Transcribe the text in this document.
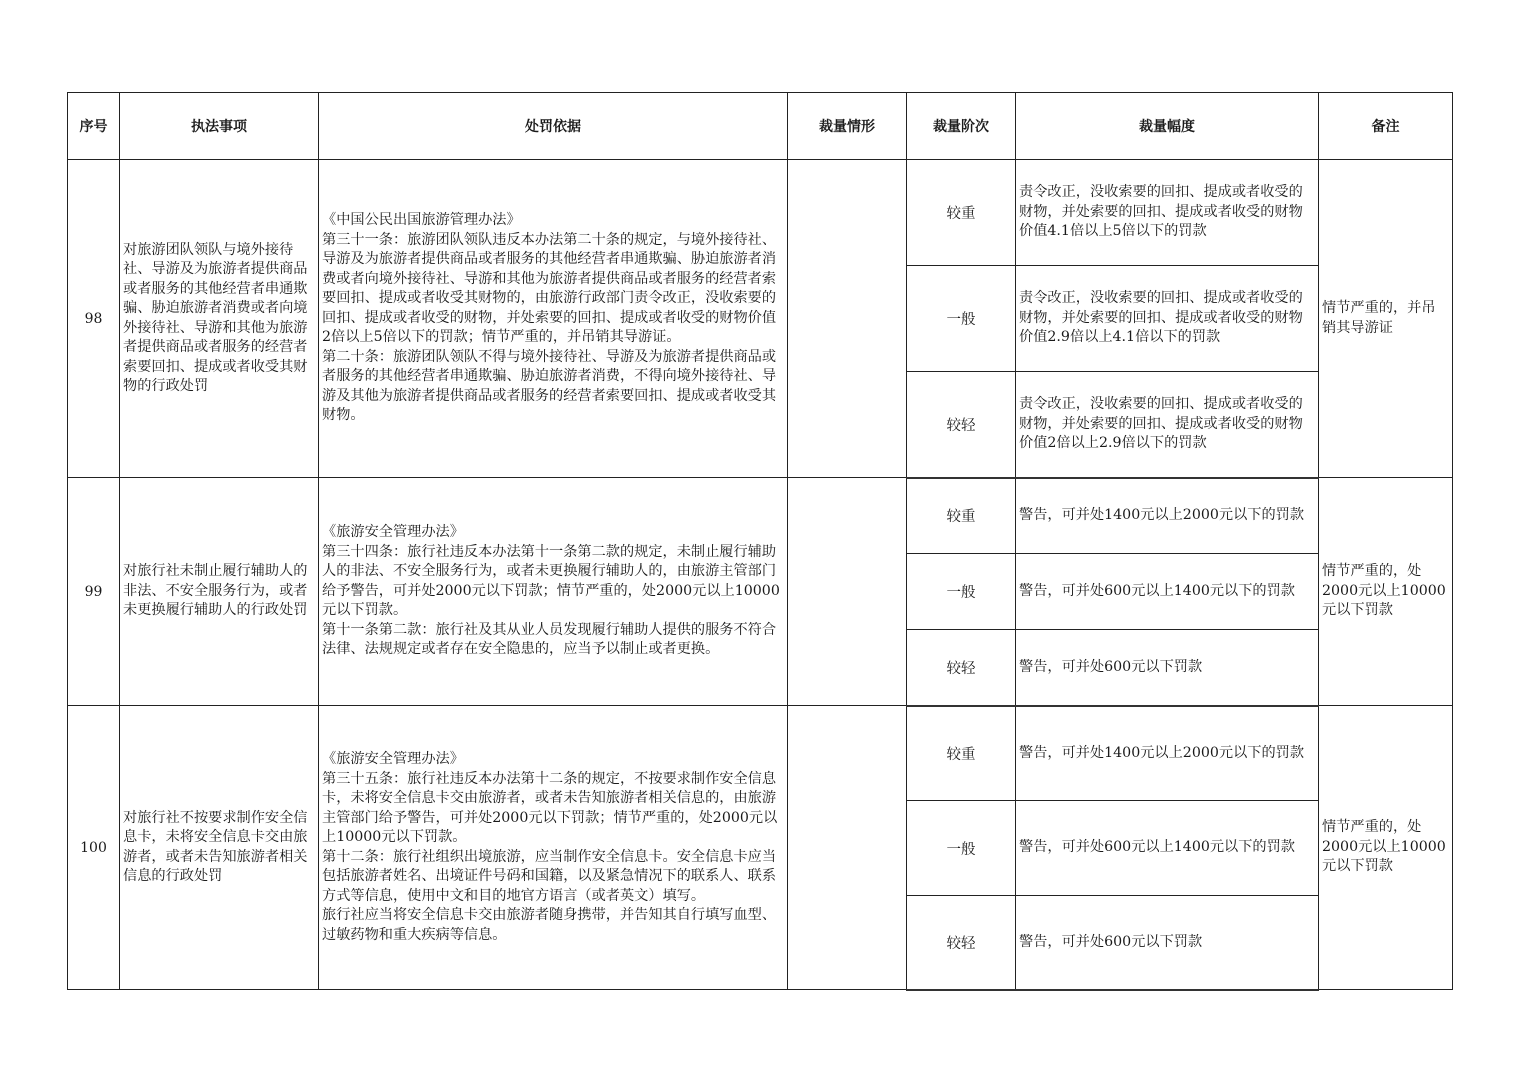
序号	执法事项	处罚依据	裁量情形	裁量阶次	裁量幅度	备注
98	对旅游团队领队与境外接待社、导游及为旅游者提供商品或者服务的其他经营者串通欺骗、胁迫旅游者消费或者向境外接待社、导游和其他为旅游者提供商品或者服务的经营者索要回扣、提成或者收受其财物的行政处罚	《中国公民出国旅游管理办法》
第三十一条：旅游团队领队违反本办法第二十条的规定，与境外接待社、导游及为旅游者提供商品或者服务的其他经营者串通欺骗、胁迫旅游者消费或者向境外接待社、导游和其他为旅游者提供商品或者服务的经营者索要回扣、提成或者收受其财物的，由旅游行政部门责令改正，没收索要的回扣、提成或者收受的财物，并处索要的回扣、提成或者收受的财物价值2倍以上5倍以下的罚款；情节严重的，并吊销其导游证。
第二十条：旅游团队领队不得与境外接待社、导游及为旅游者提供商品或者服务的其他经营者串通欺骗、胁迫旅游者消费，不得向境外接待社、导游及其他为旅游者提供商品或者服务的经营者索要回扣、提成或者收受其财物。		较重	责令改正，没收索要的回扣、提成或者收受的财物，并处索要的回扣、提成或者收受的财物价值4.1倍以上5倍以下的罚款	情节严重的，并吊销其导游证
				一般	责令改正，没收索要的回扣、提成或者收受的财物，并处索要的回扣、提成或者收受的财物价值2.9倍以上4.1倍以下的罚款	
				较轻	责令改正，没收索要的回扣、提成或者收受的财物，并处索要的回扣、提成或者收受的财物价值2倍以上2.9倍以下的罚款	
99	对旅行社未制止履行辅助人的非法、不安全服务行为，或者未更换履行辅助人的行政处罚	《旅游安全管理办法》
第三十四条：旅行社违反本办法第十一条第二款的规定，未制止履行辅助人的非法、不安全服务行为，或者未更换履行辅助人的，由旅游主管部门给予警告，可并处2000元以下罚款；情节严重的，处2000元以上10000元以下罚款。
第十一条第二款：旅行社及其从业人员发现履行辅助人提供的服务不符合法律、法规规定或者存在安全隐患的，应当予以制止或者更换。		较重	警告，可并处1400元以上2000元以下的罚款	情节严重的，处2000元以上10000元以下罚款
				一般	警告，可并处600元以上1400元以下的罚款	
				较轻	警告，可并处600元以下罚款	
100	对旅行社不按要求制作安全信息卡，未将安全信息卡交由旅游者，或者未告知旅游者相关信息的行政处罚	《旅游安全管理办法》
第三十五条：旅行社违反本办法第十二条的规定，不按要求制作安全信息卡，未将安全信息卡交由旅游者，或者未告知旅游者相关信息的，由旅游主管部门给予警告，可并处2000元以下罚款；情节严重的，处2000元以上10000元以下罚款。
第十二条：旅行社组织出境旅游，应当制作安全信息卡。安全信息卡应当包括旅游者姓名、出境证件号码和国籍，以及紧急情况下的联系人、联系方式等信息，使用中文和目的地官方语言（或者英文）填写。
旅行社应当将安全信息卡交由旅游者随身携带，并告知其自行填写血型、过敏药物和重大疾病等信息。		较重	警告，可并处1400元以上2000元以下的罚款	情节严重的，处2000元以上10000元以下罚款
				一般	警告，可并处600元以上1400元以下的罚款	
				较轻	警告，可并处600元以下罚款	
